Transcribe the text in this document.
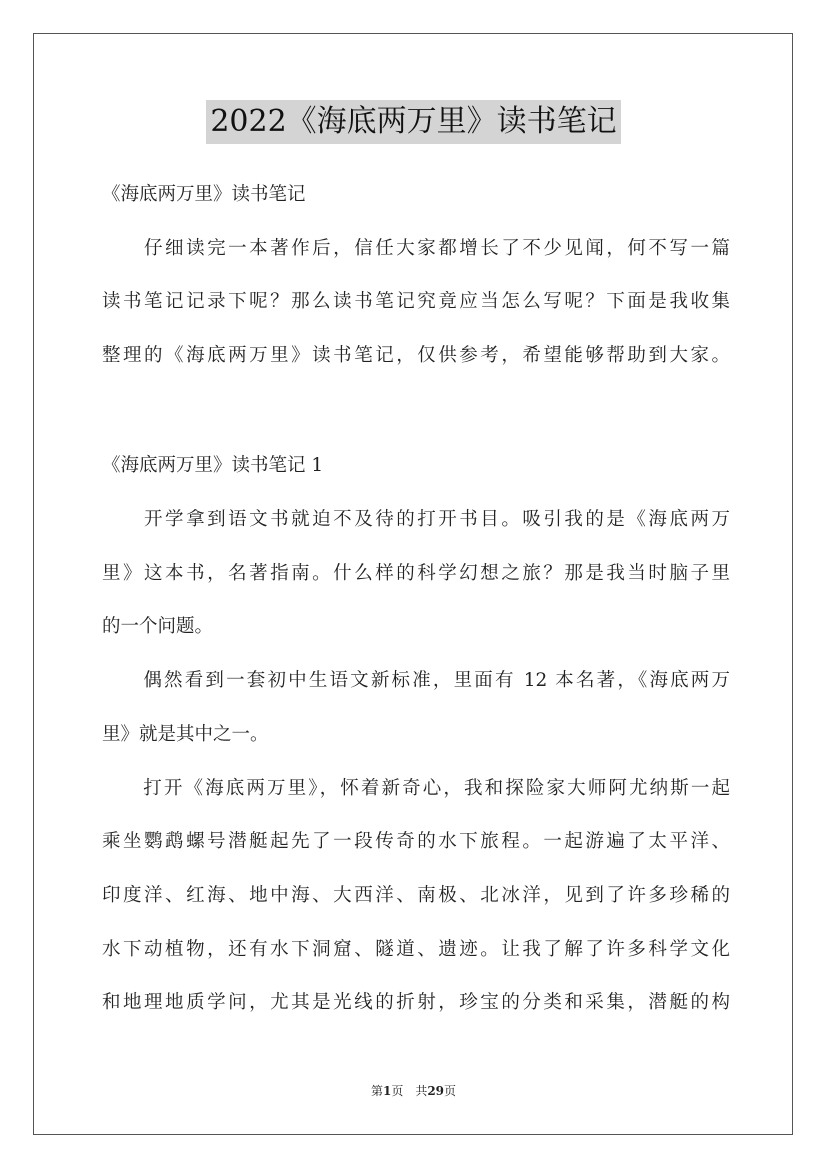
2022《海底两万里》读书笔记
《海底两万里》读书笔记
　　仔细读完一本著作后，信任大家都增长了不少见闻，何不写一篇
读书笔记记录下呢？那么读书笔记究竟应当怎么写呢？下面是我收集
整理的《海底两万里》读书笔记，仅供参考，希望能够帮助到大家。
《海底两万里》读书笔记 1
　　开学拿到语文书就迫不及待的打开书目。吸引我的是《海底两万
里》这本书，名著指南。什么样的科学幻想之旅？那是我当时脑子里
的一个问题。
　　偶然看到一套初中生语文新标准，里面有 12 本名著，《海底两万
里》就是其中之一。
　　打开《海底两万里》，怀着新奇心，我和探险家大师阿尤纳斯一起
乘坐鹦鹉螺号潜艇起先了一段传奇的水下旅程。一起游遍了太平洋、
印度洋、红海、地中海、大西洋、南极、北冰洋，见到了许多珍稀的
水下动植物，还有水下洞窟、隧道、遗迹。让我了解了许多科学文化
和地理地质学问，尤其是光线的折射，珍宝的分类和采集，潜艇的构
第1页　共29页
